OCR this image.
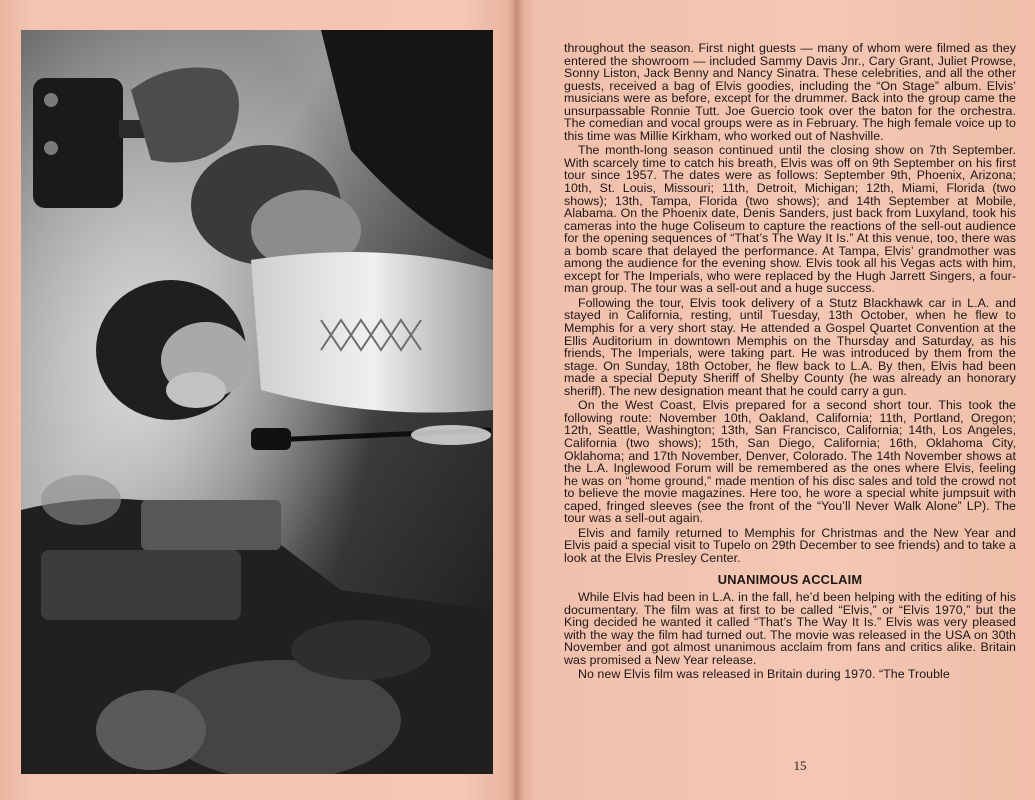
throughout the season. First night guests — many of whom were filmed as they entered the showroom — included Sammy Davis Jnr., Cary Grant, Juliet Prowse, Sonny Liston, Jack Benny and Nancy Sinatra. These celebrities, and all the other guests, received a bag of Elvis goodies, including the “On Stage” album. Elvis’ musicians were as before, except for the drummer. Back into the group came the unsurpassable Ronnie Tutt. Joe Guercio took over the baton for the orchestra. The comedian and vocal groups were as in February. The high female voice up to this time was Millie Kirkham, who worked out of Nashville.

The month-long season continued until the closing show on 7th September. With scarcely time to catch his breath, Elvis was off on 9th September on his first tour since 1957. The dates were as follows: September 9th, Phoenix, Arizona; 10th, St. Louis, Missouri; 11th, Detroit, Michigan; 12th, Miami, Florida (two shows); 13th, Tampa, Florida (two shows); and 14th September at Mobile, Alabama. On the Phoenix date, Denis Sanders, just back from Luxyland, took his cameras into the huge Coliseum to capture the reactions of the sell-out audience for the opening sequences of “That’s The Way It Is.” At this venue, too, there was a bomb scare that delayed the performance. At Tampa, Elvis’ grandmother was among the audience for the evening show. Elvis took all his Vegas acts with him, except for The Imperials, who were replaced by the Hugh Jarrett Singers, a four-man group. The tour was a sell-out and a huge success.

Following the tour, Elvis took delivery of a Stutz Blackhawk car in L.A. and stayed in California, resting, until Tuesday, 13th October, when he flew to Memphis for a very short stay. He attended a Gospel Quartet Convention at the Ellis Auditorium in downtown Memphis on the Thursday and Saturday, as his friends, The Imperials, were taking part. He was introduced by them from the stage. On Sunday, 18th October, he flew back to L.A. By then, Elvis had been made a special Deputy Sheriff of Shelby County (he was already an honorary sheriff). The new designation meant that he could carry a gun.

On the West Coast, Elvis prepared for a second short tour. This took the following route: November 10th, Oakland, California; 11th, Portland, Oregon; 12th, Seattle, Washington; 13th, San Francisco, California; 14th, Los Angeles, California (two shows); 15th, San Diego, California; 16th, Oklahoma City, Oklahoma; and 17th November, Denver, Colorado. The 14th November shows at the L.A. Inglewood Forum will be remembered as the ones where Elvis, feeling he was on “home ground,” made mention of his disc sales and told the crowd not to believe the movie magazines. Here too, he wore a special white jumpsuit with caped, fringed sleeves (see the front of the “You’ll Never Walk Alone” LP). The tour was a sell-out again.

Elvis and family returned to Memphis for Christmas and the New Year and Elvis paid a special visit to Tupelo on 29th December to see friends) and to take a look at the Elvis Presley Center.

UNANIMOUS ACCLAIM

While Elvis had been in L.A. in the fall, he’d been helping with the editing of his documentary. The film was at first to be called “Elvis,” or “Elvis 1970,” but the King decided he wanted it called “That’s The Way It Is.” Elvis was very pleased with the way the film had turned out. The movie was released in the USA on 30th November and got almost unanimous acclaim from fans and critics alike. Britain was promised a New Year release.

No new Elvis film was released in Britain during 1970. “The Trouble

15
